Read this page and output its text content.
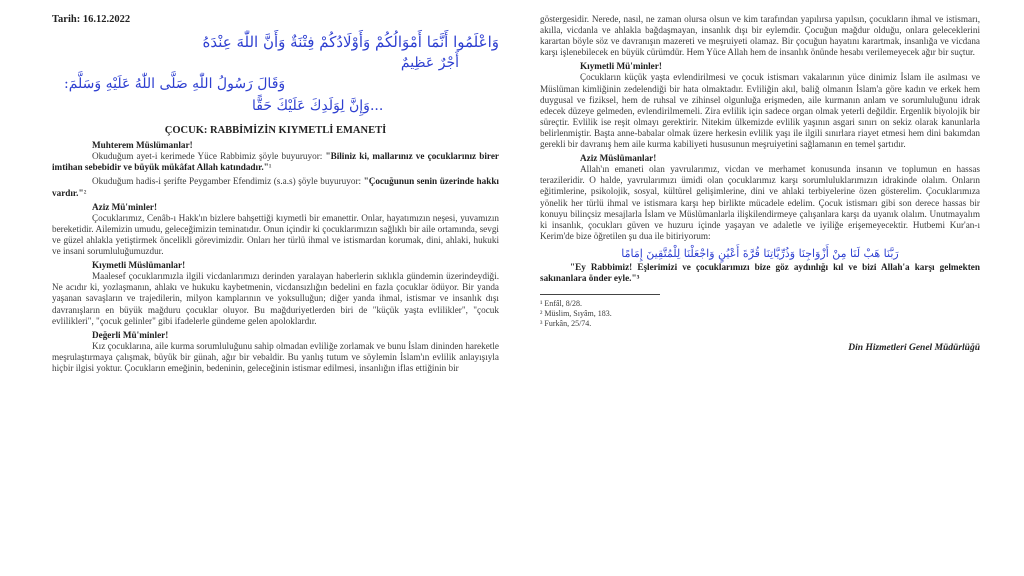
Tarih: 16.12.2022
وَاعْلَمُوا أَنَّمَا أَمْوَالُكُمْ وَأَوْلَادُكُمْ فِتْنَةٌ وَأَنَّ اللّٰهَ عِنْدَهُ
أَجْرٌ عَظِيمٌ
وَقَالَ رَسُولُ اللّٰهِ صَلَّى اللّٰهُ عَلَيْهِ وَسَلَّمَ:
...وَإِنَّ لِوَلَدِكَ عَلَيْكَ حَقًّا
ÇOCUK: RABBİMİZİN KIYMETLİ EMANETİ
Muhterem Müslümanlar!

Okuduğum ayet-i kerimede Yüce Rabbimiz şöyle buyuruyor: "Biliniz ki, mallarınız ve çocuklarınız birer imtihan sebebidir ve büyük mükâfat Allah katındadır."¹

Okuduğum hadis-i şerifte Peygamber Efendimiz (s.a.s) şöyle buyuruyor: "Çocuğunun senin üzerinde hakkı vardır."²

Aziz Mü'minler!

Çocuklarımız, Cenâb-ı Hakk'ın bizlere bahşettiği kıymetli bir emanettir. Onlar, hayatımızın neşesi, yuvamızın bereketidir. Ailemizin umudu, geleceğimizin teminatıdır. Onun içindir ki çocuklarımızın sağlıklı bir aile ortamında, sevgi ve güzel ahlakla yetiştirmek öncelikli görevimizdir. Onları her türlü ihmal ve istismardan korumak, dini, ahlaki, hukuki ve insani sorumluluğumuzdur.

Kıymetli Müslümanlar!

Maalesef çocuklarımızla ilgili vicdanlarımızı derinden yaralayan haberlerin sıklıkla gündemin üzerindeydiği. Ne acıdır ki, yozlaşmanın, ahlakı ve hukuku kaybetmenin, vicdansızlığın bedelini en fazla çocuklar ödüyor. Bir yanda yaşanan savaşların ve trajedilerin, milyon kamplarının ve yoksulluğun; diğer yanda ihmal, istismar ve insanlık dışı davranışların en büyük mağduru çocuklar oluyor. Bu mağduriyetlerden biri de "küçük yaşta evlilikler", "çocuk evlilikleri", "çocuk gelinler" gibi ifadelerle gündeme gelen apoloklardır.

Değerli Mü'minler!

Kız çocuklarına, aile kurma sorumluluğunu sahip olmadan evliliğe zorlamak ve bunu İslam dininden hareketle meşrulaştırmaya çalışmak, büyük bir günah, ağır bir vebaldir. Bu yanlış tutum ve söylemin İslam'ın evlilik anlayışıyla hiçbir ilgisi yoktur. Çocukların emeğinin, bedeninin, geleceğinin istismar edilmesi, insanlığın iflas ettiğinin bir

göstergesidir. Nerede, nasıl, ne zaman olursa olsun ve kim tarafından yapılırsa yapılsın, çocukların ihmal ve istismarı, akılla, vicdanla ve ahlakla bağdaşmayan, insanlık dışı bir eylemdir. Çocuğun mağdur olduğu, onlara geleceklerini karartan böyle söz ve davranışın mazereti ve meşruiyeti olamaz. Bir çocuğun hayatını karartmak, insanlığa ve vicdana karşı işlenebilecek en büyük cürümdür. Hem Yüce Allah hem de insanlık önünde hesabı verilemeyecek ağır bir suçtur.

Kıymetli Mü'minler!

Çocukların küçük yaşta evlendirilmesi ve çocuk istismarı vakalarının yüce dinimiz İslam ile asılması ve Müslüman kimliğinin zedelendiği bir hata olmaktadır. Evliliğin akıl, baliğ olmanın İslam'a göre kadın ve erkek hem duygusal ve fiziksel, hem de ruhsal ve zihinsel olgunluğa erişmeden, aile kurmanın anlam ve sorumluluğunu idrak edecek düzeye gelmeden, evlendirilmemeli. Zira evlilik için sadece organ olmak yeterli değildir. Ergenlik biyolojik bir süreçtir. Evlilik ise reşit olmayı gerektirir. Nitekim ülkemizde evlilik yaşının asgari sınırı on sekiz olarak kanunlarla belirlenmiştir. Başta anne-babalar olmak üzere herkesin evlilik yaşı ile ilgili sınırlara riayet etmesi hem dini bakımdan gerekli bir davranış hem aile kurma kabiliyeti hususunun meşruiyetini sağlamanın en temel şartıdır.

Aziz Müslümanlar!

Allah'ın emaneti olan yavrularımız, vicdan ve merhamet konusunda insanın ve toplumun en hassas terazileridir. O halde, yavrularımızı ümidi olan çocuklarımız karşı sorumluluklarımızın idrakinde olalım. Onların eğitimlerine, psikolojik, sosyal, kültürel gelişimlerine, dini ve ahlaki terbiyelerine özen gösterelim. Çocuklarımıza yönelik her türlü ihmal ve istismara karşı hep birlikte mücadele edelim. Çocuk istismarı gibi son derece hassas bir konuyu bilinçsiz mesajlarla İslam ve Müslümanlarla ilişkilendirmeye çalışanlara karşı da uyanık olalım. Unutmayalım ki insanlık, çocukları güven ve huzuru içinde yaşayan ve adaletle ve iyiliğe erişemeyecektir. Hutbemi Kur'an-ı Kerim'de bize öğretilen şu dua ile bitiriyorum:

رَبَّنَا هَبْ لَنَا مِنْ أَزْوَاجِنَا وَذُرِّيَّاتِنَا قُرَّةَ أَعْيُنٍ وَاجْعَلْنَا لِلْمُتَّقِينَ إِمَامًا

"Ey Rabbimiz! Eşlerimizi ve çocuklarımızı bize göz aydınlığı kıl ve bizi Allah'a karşı gelmekten sakınanlara önder eyle."³

¹ Enfâl, 8/28.
² Müslim, Sıyâm, 183.
³ Furkân, 25/74.
Din Hizmetleri Genel Müdürlüğü
